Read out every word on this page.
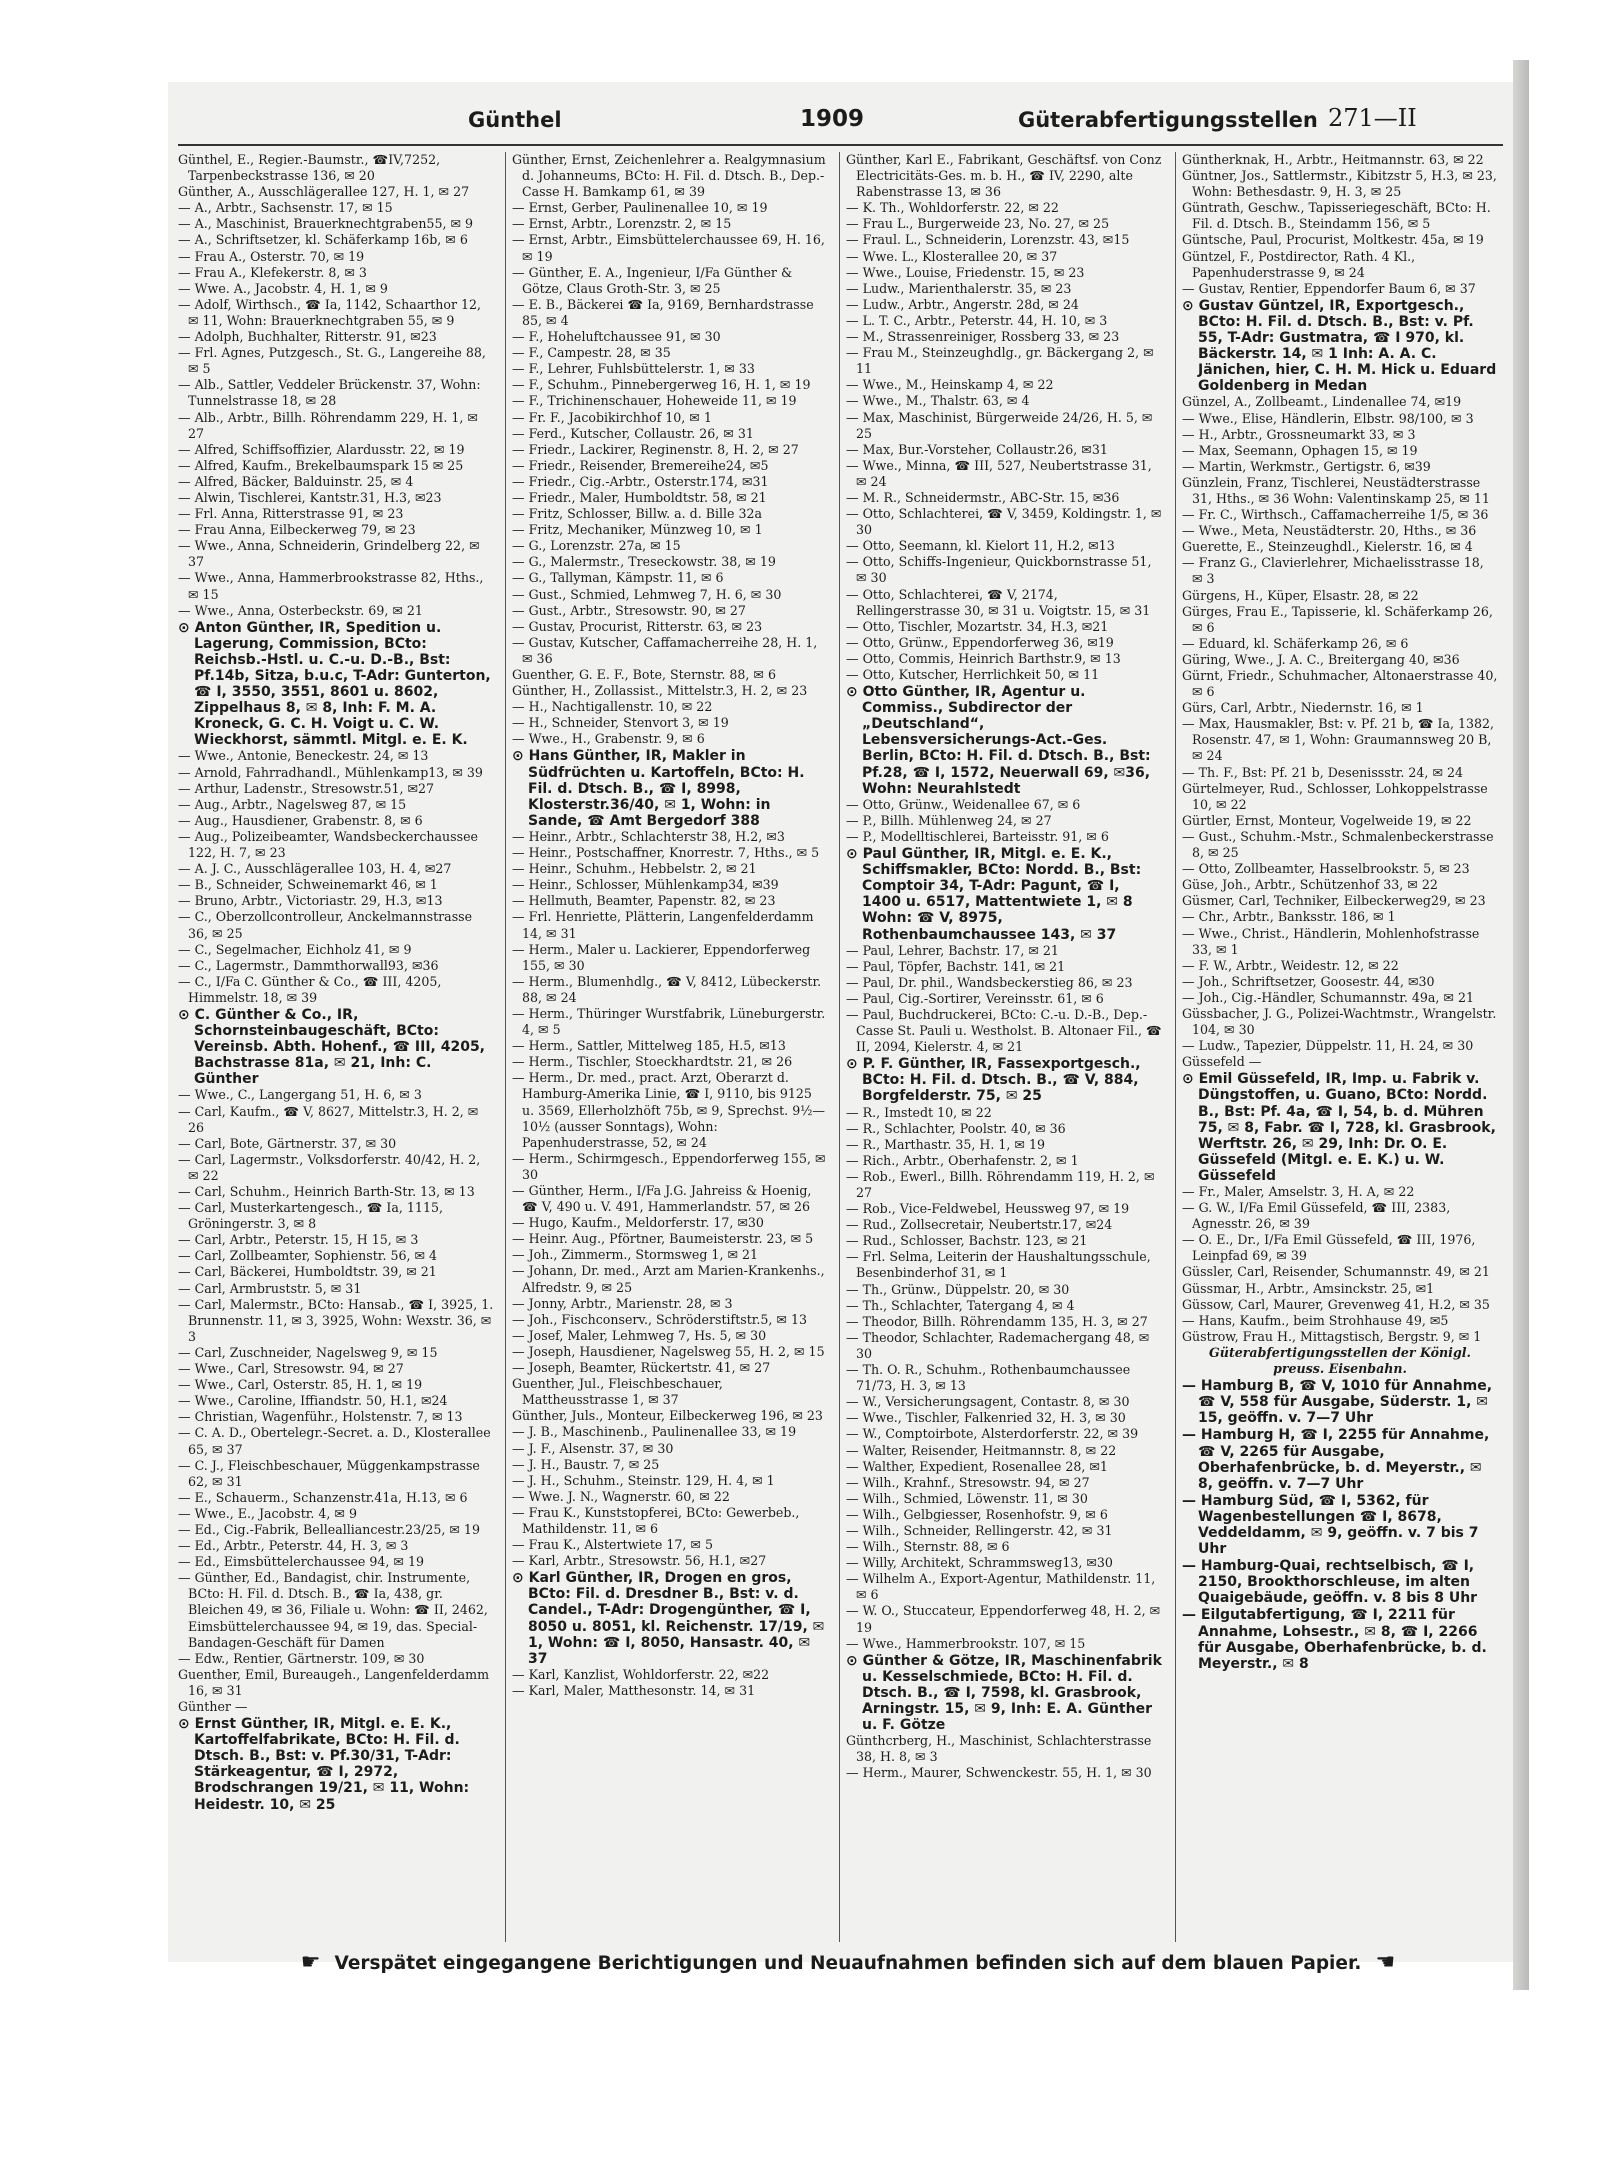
Günthel	1909	Güterabfertigungsstellen 271—II

Günthel, E., Regier.-Baumstr., ☎IV,7252, Tarpenbeckstrasse 136, ✉ 20

Günther, A., Ausschlägerallee 127, H. 1, ✉ 27

— A., Arbtr., Sachsenstr. 17, ✉ 15

— A., Maschinist, Brauerknechtgraben55, ✉ 9

— A., Schriftsetzer, kl. Schäferkamp 16b, ✉ 6

— Frau A., Osterstr. 70, ✉ 19

— Frau A., Klefekerstr. 8, ✉ 3

— Wwe. A., Jacobstr. 4, H. 1, ✉ 9

— Adolf, Wirthsch., ☎ Ia, 1142, Schaarthor 12, ✉ 11, Wohn: Brauerknechtgraben 55, ✉ 9

— Adolph, Buchhalter, Ritterstr. 91, ✉23

— Frl. Agnes, Putzgesch., St. G., Langereihe 88, ✉ 5

— Alb., Sattler, Veddeler Brückenstr. 37, Wohn: Tunnelstrasse 18, ✉ 28

— Alb., Arbtr., Billh. Röhrendamm 229, H. 1, ✉ 27

— Alfred, Schiffsoffizier, Alardusstr. 22, ✉ 19

— Alfred, Kaufm., Brekelbaumspark 15 ✉ 25

— Alfred, Bäcker, Balduinstr. 25, ✉ 4

— Alwin, Tischlerei, Kantstr.31, H.3, ✉23

— Frl. Anna, Ritterstrasse 91, ✉ 23

— Frau Anna, Eilbeckerweg 79, ✉ 23

— Wwe., Anna, Schneiderin, Grindelberg 22, ✉ 37

— Wwe., Anna, Hammerbrookstrasse 82, Hths., ✉ 15

— Wwe., Anna, Osterbeckstr. 69, ✉ 21

⊙ Anton Günther, IR, Spedition u. Lagerung, Commission, BCto: Reichsb.-Hstl. u. C.-u. D.-B., Bst: Pf.14b, Sitza, b.u.c, T-Adr: Gunterton, ☎ I, 3550, 3551, 8601 u. 8602, Zippelhaus 8, ✉ 8, Inh: F. M. A. Kroneck, G. C. H. Voigt u. C. W. Wieckhorst, sämmtl. Mitgl. e. E. K.

— Wwe., Antonie, Beneckestr. 24, ✉ 13

— Arnold, Fahrradhandl., Mühlenkamp13, ✉ 39

— Arthur, Ladenstr., Stresowstr.51, ✉27

— Aug., Arbtr., Nagelsweg 87, ✉ 15

— Aug., Hausdiener, Grabenstr. 8, ✉ 6

— Aug., Polizeibeamter, Wandsbeckerchaussee 122, H. 7, ✉ 23

— A. J. C., Ausschlägerallee 103, H. 4, ✉27

— B., Schneider, Schweinemarkt 46, ✉ 1

— Bruno, Arbtr., Victoriastr. 29, H.3, ✉13

— C., Oberzollcontrolleur, Anckelmannstrasse 36, ✉ 25

— C., Segelmacher, Eichholz 41, ✉ 9

— C., Lagermstr., Dammthorwall93, ✉36

— C., I/Fa C. Günther & Co., ☎ III, 4205, Himmelstr. 18, ✉ 39

⊙ C. Günther & Co., IR, Schornsteinbaugeschäft, BCto: Vereinsb. Abth. Hohenf., ☎ III, 4205, Bachstrasse 81a, ✉ 21, Inh: C. Günther

— Wwe., C., Langergang 51, H. 6, ✉ 3

— Carl, Kaufm., ☎ V, 8627, Mittelstr.3, H. 2, ✉ 26

— Carl, Bote, Gärtnerstr. 37, ✉ 30

— Carl, Lagermstr., Volksdorferstr. 40/42, H. 2, ✉ 22

— Carl, Schuhm., Heinrich Barth-Str. 13, ✉ 13

— Carl, Musterkartengesch., ☎ Ia, 1115, Gröningerstr. 3, ✉ 8

— Carl, Arbtr., Peterstr. 15, H 15, ✉ 3

— Carl, Zollbeamter, Sophienstr. 56, ✉ 4

— Carl, Bäckerei, Humboldtstr. 39, ✉ 21

— Carl, Armbruststr. 5, ✉ 31

— Carl, Malermstr., BCto: Hansab., ☎ I, 3925, 1. Brunnenstr. 11, ✉ 3, 3925, Wohn: Wexstr. 36, ✉ 3

— Carl, Zuschneider, Nagelsweg 9, ✉ 15

— Wwe., Carl, Stresowstr. 94, ✉ 27

— Wwe., Carl, Osterstr. 85, H. 1, ✉ 19

— Wwe., Caroline, Iffiandstr. 50, H.1, ✉24

— Christian, Wagenführ., Holstenstr. 7, ✉ 13

— C. A. D., Obertelegr.-Secret. a. D., Klosterallee 65, ✉ 37

— C. J., Fleischbeschauer, Müggenkampstrasse 62, ✉ 31

— E., Schauerm., Schanzenstr.41a, H.13, ✉ 6

— Wwe., E., Jacobstr. 4, ✉ 9

— Ed., Cig.-Fabrik, Bellealliancestr.23/25, ✉ 19

— Ed., Arbtr., Peterstr. 44, H. 3, ✉ 3

— Ed., Eimsbüttelerchaussee 94, ✉ 19

— Günther, Ed., Bandagist, chir. Instrumente, BCto: H. Fil. d. Dtsch. B., ☎ Ia, 438, gr. Bleichen 49, ✉ 36, Filiale u. Wohn: ☎ II, 2462, Eimsbüttelerchaussee 94, ✉ 19, das. Special-Bandagen-Geschäft für Damen

— Edw., Rentier, Gärtnerstr. 109, ✉ 30

Guenther, Emil, Bureaugeh., Langenfelderdamm 16, ✉ 31

Günther —

⊙ Ernst Günther, IR, Mitgl. e. E. K., Kartoffelfabrikate, BCto: H. Fil. d. Dtsch. B., Bst: v. Pf.30/31, T-Adr: Stärkeagentur, ☎ I, 2972, Brodschrangen 19/21, ✉ 11, Wohn: Heidestr. 10, ✉ 25

Günther, Ernst, Zeichenlehrer a. Realgymnasium d. Johanneums, BCto: H. Fil. d. Dtsch. B., Dep.-Casse H. Bamkamp 61, ✉ 39

— Ernst, Gerber, Paulinenallee 10, ✉ 19

— Ernst, Arbtr., Lorenzstr. 2, ✉ 15

— Ernst, Arbtr., Eimsbüttelerchaussee 69, H. 16, ✉ 19

— Günther, E. A., Ingenieur, I/Fa Günther & Götze, Claus Groth-Str. 3, ✉ 25

— E. B., Bäckerei ☎ Ia, 9169, Bernhardstrasse 85, ✉ 4

— F., Hoheluftchaussee 91, ✉ 30

— F., Campestr. 28, ✉ 35

— F., Lehrer, Fuhlsbüttelerstr. 1, ✉ 33

— F., Schuhm., Pinnebergerweg 16, H. 1, ✉ 19

— F., Trichinenschauer, Hoheweide 11, ✉ 19

— Fr. F., Jacobikirchhof 10, ✉ 1

— Ferd., Kutscher, Collaustr. 26, ✉ 31

— Friedr., Lackirer, Reginenstr. 8, H. 2, ✉ 27

— Friedr., Reisender, Bremereihe24, ✉5

— Friedr., Cig.-Arbtr., Osterstr.174, ✉31

— Friedr., Maler, Humboldtstr. 58, ✉ 21

— Fritz, Schlosser, Billw. a. d. Bille 32a

— Fritz, Mechaniker, Münzweg 10, ✉ 1

— G., Lorenzstr. 27a, ✉ 15

— G., Malermstr., Treseckowstr. 38, ✉ 19

— G., Tallyman, Kämpstr. 11, ✉ 6

— Gust., Schmied, Lehmweg 7, H. 6, ✉ 30

— Gust., Arbtr., Stresowstr. 90, ✉ 27

— Gustav, Procurist, Ritterstr. 63, ✉ 23

— Gustav, Kutscher, Caffamacherreihe 28, H. 1, ✉ 36

Guenther, G. E. F., Bote, Sternstr. 88, ✉ 6

Günther, H., Zollassist., Mittelstr.3, H. 2, ✉ 23

— H., Nachtigallenstr. 10, ✉ 22

— H., Schneider, Stenvort 3, ✉ 19

— Wwe., H., Grabenstr. 9, ✉ 6

⊙ Hans Günther, IR, Makler in Südfrüchten u. Kartoffeln, BCto: H. Fil. d. Dtsch. B., ☎ I, 8998, Klosterstr.36/40, ✉ 1, Wohn: in Sande, ☎ Amt Bergedorf 388

— Heinr., Arbtr., Schlachterstr 38, H.2, ✉3

— Heinr., Postschaffner, Knorrestr. 7, Hths., ✉ 5

— Heinr., Schuhm., Hebbelstr. 2, ✉ 21

— Heinr., Schlosser, Mühlenkamp34, ✉39

— Hellmuth, Beamter, Papenstr. 82, ✉ 23

— Frl. Henriette, Plätterin, Langenfelderdamm 14, ✉ 31

— Herm., Maler u. Lackierer, Eppendorferweg 155, ✉ 30

— Herm., Blumenhdlg., ☎ V, 8412, Lübeckerstr. 88, ✉ 24

— Herm., Thüringer Wurstfabrik, Lüneburgerstr. 4, ✉ 5

— Herm., Sattler, Mittelweg 185, H.5, ✉13

— Herm., Tischler, Stoeckhardtstr. 21, ✉ 26

— Herm., Dr. med., pract. Arzt, Oberarzt d. Hamburg-Amerika Linie, ☎ I, 9110, bis 9125 u. 3569, Ellerholzhöft 75b, ✉ 9, Sprechst. 9½—10½ (ausser Sonntags), Wohn: Papenhuderstrasse, 52, ✉ 24

— Herm., Schirmgesch., Eppendorferweg 155, ✉ 30

— Günther, Herm., I/Fa J.G. Jahreiss & Hoenig, ☎ V, 490 u. V. 491, Hammerlandstr. 57, ✉ 26

— Hugo, Kaufm., Meldorferstr. 17, ✉30

— Heinr. Aug., Pförtner, Baumeisterstr. 23, ✉ 5

— Joh., Zimmerm., Stormsweg 1, ✉ 21

— Johann, Dr. med., Arzt am Marien-Krankenhs., Alfredstr. 9, ✉ 25

— Jonny, Arbtr., Marienstr. 28, ✉ 3

— Joh., Fischconserv., Schröderstiftstr.5, ✉ 13

— Josef, Maler, Lehmweg 7, Hs. 5, ✉ 30

— Joseph, Hausdiener, Nagelsweg 55, H. 2, ✉ 15

— Joseph, Beamter, Rückertstr. 41, ✉ 27

Guenther, Jul., Fleischbeschauer, Mattheusstrasse 1, ✉ 37

Günther, Juls., Monteur, Eilbeckerweg 196, ✉ 23

— J. B., Maschinenb., Paulinenallee 33, ✉ 19

— J. F., Alsenstr. 37, ✉ 30

— J. H., Baustr. 7, ✉ 25

— J. H., Schuhm., Steinstr. 129, H. 4, ✉ 1

— Wwe. J. N., Wagnerstr. 60, ✉ 22

— Frau K., Kunststopferei, BCto: Gewerbeb., Mathildenstr. 11, ✉ 6

— Frau K., Alstertwiete 17, ✉ 5

— Karl, Arbtr., Stresowstr. 56, H.1, ✉27

⊙ Karl Günther, IR, Drogen en gros, BCto: Fil. d. Dresdner B., Bst: v. d. Candel., T-Adr: Drogengünther, ☎ I, 8050 u. 8051, kl. Reichenstr. 17/19, ✉ 1, Wohn: ☎ I, 8050, Hansastr. 40, ✉ 37

— Karl, Kanzlist, Wohldorferstr. 22, ✉22

— Karl, Maler, Matthesonstr. 14, ✉ 31

Günther, Karl E., Fabrikant, Geschäftsf. von Conz Electricitäts-Ges. m. b. H., ☎ IV, 2290, alte Rabenstrasse 13, ✉ 36

— K. Th., Wohldorferstr. 22, ✉ 22

— Frau L., Burgerweide 23, No. 27, ✉ 25

— Fraul. L., Schneiderin, Lorenzstr. 43, ✉15

— Wwe. L., Klosterallee 20, ✉ 37

— Wwe., Louise, Friedenstr. 15, ✉ 23

— Ludw., Marienthalerstr. 35, ✉ 23

— Ludw., Arbtr., Angerstr. 28d, ✉ 24

— L. T. C., Arbtr., Peterstr. 44, H. 10, ✉ 3

— M., Strassenreiniger, Rossberg 33, ✉ 23

— Frau M., Steinzeughdlg., gr. Bäckergang 2, ✉ 11

— Wwe., M., Heinskamp 4, ✉ 22

— Wwe., M., Thalstr. 63, ✉ 4

— Max, Maschinist, Bürgerweide 24/26, H. 5, ✉ 25

— Max, Bur.-Vorsteher, Collaustr.26, ✉31

— Wwe., Minna, ☎ III, 527, Neubertstrasse 31, ✉ 24

— M. R., Schneidermstr., ABC-Str. 15, ✉36

— Otto, Schlachterei, ☎ V, 3459, Koldingstr. 1, ✉ 30

— Otto, Seemann, kl. Kielort 11, H.2, ✉13

— Otto, Schiffs-Ingenieur, Quickbornstrasse 51, ✉ 30

— Otto, Schlachterei, ☎ V, 2174, Rellingerstrasse 30, ✉ 31 u. Voigtstr. 15, ✉ 31

— Otto, Tischler, Mozartstr. 34, H.3, ✉21

— Otto, Grünw., Eppendorferweg 36, ✉19

— Otto, Commis, Heinrich Barthstr.9, ✉ 13

— Otto, Kutscher, Herrlichkeit 50, ✉ 11

⊙ Otto Günther, IR, Agentur u. Commiss., Subdirector der „Deutschland“, Lebensversicherungs-Act.-Ges. Berlin, BCto: H. Fil. d. Dtsch. B., Bst: Pf.28, ☎ I, 1572, Neuerwall 69, ✉36, Wohn: Neurahlstedt

— Otto, Grünw., Weidenallee 67, ✉ 6

— P., Billh. Mühlenweg 24, ✉ 27

— P., Modelltischlerei, Barteisstr. 91, ✉ 6

⊙ Paul Günther, IR, Mitgl. e. E. K., Schiffsmakler, BCto: Nordd. B., Bst: Comptoir 34, T-Adr: Pagunt, ☎ I, 1400 u. 6517, Mattentwiete 1, ✉ 8 Wohn: ☎ V, 8975, Rothenbaumchaussee 143, ✉ 37

— Paul, Lehrer, Bachstr. 17, ✉ 21

— Paul, Töpfer, Bachstr. 141, ✉ 21

— Paul, Dr. phil., Wandsbeckerstieg 86, ✉ 23

— Paul, Cig.-Sortirer, Vereinsstr. 61, ✉ 6

— Paul, Buchdruckerei, BCto: C.-u. D.-B., Dep.-Casse St. Pauli u. Westholst. B. Altonaer Fil., ☎ II, 2094, Kielerstr. 4, ✉ 21

⊙ P. F. Günther, IR, Fassexportgesch., BCto: H. Fil. d. Dtsch. B., ☎ V, 884, Borgfelderstr. 75, ✉ 25

— R., Imstedt 10, ✉ 22

— R., Schlachter, Poolstr. 40, ✉ 36

— R., Marthastr. 35, H. 1, ✉ 19

— Rich., Arbtr., Oberhafenstr. 2, ✉ 1

— Rob., Ewerl., Billh. Röhrendamm 119, H. 2, ✉ 27

— Rob., Vice-Feldwebel, Heussweg 97, ✉ 19

— Rud., Zollsecretair, Neubertstr.17, ✉24

— Rud., Schlosser, Bachstr. 123, ✉ 21

— Frl. Selma, Leiterin der Haushaltungsschule, Besenbinderhof 31, ✉ 1

— Th., Grünw., Düppelstr. 20, ✉ 30

— Th., Schlachter, Tatergang 4, ✉ 4

— Theodor, Billh. Röhrendamm 135, H. 3, ✉ 27

— Theodor, Schlachter, Rademachergang 48, ✉ 30

— Th. O. R., Schuhm., Rothenbaumchaussee 71/73, H. 3, ✉ 13

— W., Versicherungsagent, Contastr. 8, ✉ 30

— Wwe., Tischler, Falkenried 32, H. 3, ✉ 30

— W., Comptoirbote, Alsterdorferstr. 22, ✉ 39

— Walter, Reisender, Heitmannstr. 8, ✉ 22

— Walther, Expedient, Rosenallee 28, ✉1

— Wilh., Krahnf., Stresowstr. 94, ✉ 27

— Wilh., Schmied, Löwenstr. 11, ✉ 30

— Wilh., Gelbgiesser, Rosenhofstr. 9, ✉ 6

— Wilh., Schneider, Rellingerstr. 42, ✉ 31

— Wilh., Sternstr. 88, ✉ 6

— Willy, Architekt, Schrammsweg13, ✉30

— Wilhelm A., Export-Agentur, Mathildenstr. 11, ✉ 6

— W. O., Stuccateur, Eppendorferweg 48, H. 2, ✉ 19

— Wwe., Hammerbrookstr. 107, ✉ 15

⊙ Günther & Götze, IR, Maschinenfabrik u. Kesselschmiede, BCto: H. Fil. d. Dtsch. B., ☎ I, 7598, kl. Grasbrook, Arningstr. 15, ✉ 9, Inh: E. A. Günther u. F. Götze

Günthcrberg, H., Maschinist, Schlachterstrasse 38, H. 8, ✉ 3

— Herm., Maurer, Schwenckestr. 55, H. 1, ✉ 30

Güntherknak, H., Arbtr., Heitmannstr. 63, ✉ 22

Güntner, Jos., Sattlermstr., Kibitzstr 5, H.3, ✉ 23, Wohn: Bethesdastr. 9, H. 3, ✉ 25

Güntrath, Geschw., Tapisseriegeschäft, BCto: H. Fil. d. Dtsch. B., Steindamm 156, ✉ 5

Güntsche, Paul, Procurist, Moltkestr. 45a, ✉ 19

Güntzel, F., Postdirector, Rath. 4 Kl., Papenhuderstrasse 9, ✉ 24

— Gustav, Rentier, Eppendorfer Baum 6, ✉ 37

⊙ Gustav Güntzel, IR, Exportgesch., BCto: H. Fil. d. Dtsch. B., Bst: v. Pf. 55, T-Adr: Gustmatra, ☎ I 970, kl. Bäckerstr. 14, ✉ 1 Inh: A. A. C. Jänichen, hier, C. H. M. Hick u. Eduard Goldenberg in Medan

Günzel, A., Zollbeamt., Lindenallee 74, ✉19

— Wwe., Elise, Händlerin, Elbstr. 98/100, ✉ 3

— H., Arbtr., Grossneumarkt 33, ✉ 3

— Max, Seemann, Ophagen 15, ✉ 19

— Martin, Werkmstr., Gertigstr. 6, ✉39

Günzlein, Franz, Tischlerei, Neustädterstrasse 31, Hths., ✉ 36 Wohn: Valentinskamp 25, ✉ 11

— Fr. C., Wirthsch., Caffamacherreihe 1/5, ✉ 36

— Wwe., Meta, Neustädterstr. 20, Hths., ✉ 36

Guerette, E., Steinzeughdl., Kielerstr. 16, ✉ 4

— Franz G., Clavierlehrer, Michaelisstrasse 18, ✉ 3

Gürgens, H., Küper, Elsastr. 28, ✉ 22

Gürges, Frau E., Tapisserie, kl. Schäferkamp 26, ✉ 6

— Eduard, kl. Schäferkamp 26, ✉ 6

Güring, Wwe., J. A. C., Breitergang 40, ✉36

Gürnt, Friedr., Schuhmacher, Altonaerstrasse 40, ✉ 6

Gürs, Carl, Arbtr., Niedernstr. 16, ✉ 1

— Max, Hausmakler, Bst: v. Pf. 21 b, ☎ Ia, 1382, Rosenstr. 47, ✉ 1, Wohn: Graumannsweg 20 B, ✉ 24

— Th. F., Bst: Pf. 21 b, Desenissstr. 24, ✉ 24

Gürtelmeyer, Rud., Schlosser, Lohkoppelstrasse 10, ✉ 22

Gürtler, Ernst, Monteur, Vogelweide 19, ✉ 22

— Gust., Schuhm.-Mstr., Schmalenbeckerstrasse 8, ✉ 25

— Otto, Zollbeamter, Hasselbrookstr. 5, ✉ 23

Güse, Joh., Arbtr., Schützenhof 33, ✉ 22

Güsmer, Carl, Techniker, Eilbeckerweg29, ✉ 23

— Chr., Arbtr., Banksstr. 186, ✉ 1

— Wwe., Christ., Händlerin, Mohlenhofstrasse 33, ✉ 1

— F. W., Arbtr., Weidestr. 12, ✉ 22

— Joh., Schriftsetzer, Goosestr. 44, ✉30

— Joh., Cig.-Händler, Schumannstr. 49a, ✉ 21

Güssbacher, J. G., Polizei-Wachtmstr., Wrangelstr. 104, ✉ 30

— Ludw., Tapezier, Düppelstr. 11, H. 24, ✉ 30

Güssefeld —

⊙ Emil Güssefeld, IR, Imp. u. Fabrik v. Düngstoffen, u. Guano, BCto: Nordd. B., Bst: Pf. 4a, ☎ I, 54, b. d. Mühren 75, ✉ 8, Fabr. ☎ I, 728, kl. Grasbrook, Werftstr. 26, ✉ 29, Inh: Dr. O. E. Güssefeld (Mitgl. e. E. K.) u. W. Güssefeld

— Fr., Maler, Amselstr. 3, H. A, ✉ 22

— G. W., I/Fa Emil Güssefeld, ☎ III, 2383, Agnesstr. 26, ✉ 39

— O. E., Dr., I/Fa Emil Güssefeld, ☎ III, 1976, Leinpfad 69, ✉ 39

Güssler, Carl, Reisender, Schumannstr. 49, ✉ 21

Güssmar, H., Arbtr., Amsinckstr. 25, ✉1

Güssow, Carl, Maurer, Grevenweg 41, H.2, ✉ 35

— Hans, Kaufm., beim Strohhause 49, ✉5

Güstrow, Frau H., Mittagstisch, Bergstr. 9, ✉ 1

Güterabfertigungsstellen der Königl. preuss. Eisenbahn.

— Hamburg B, ☎ V, 1010 für Annahme, ☎ V, 558 für Ausgabe, Süderstr. 1, ✉ 15, geöffn. v. 7—7 Uhr

— Hamburg H, ☎ I, 2255 für Annahme, ☎ V, 2265 für Ausgabe, Oberhafenbrücke, b. d. Meyerstr., ✉ 8, geöffn. v. 7—7 Uhr

— Hamburg Süd, ☎ I, 5362, für Wagenbestellungen ☎ I, 8678, Veddeldamm, ✉ 9, geöffn. v. 7 bis 7 Uhr

— Hamburg-Quai, rechtselbisch, ☎ I, 2150, Brookthorschleuse, im alten Quaigebäude, geöffn. v. 8 bis 8 Uhr

— Eilgutabfertigung, ☎ I, 2211 für Annahme, Lohsestr., ✉ 8, ☎ I, 2266 für Ausgabe, Oberhafenbrücke, b. d. Meyerstr., ✉ 8

☛ Verspätet eingegangene Berichtigungen und Neuaufnahmen befinden sich auf dem blauen Papier. ☚
